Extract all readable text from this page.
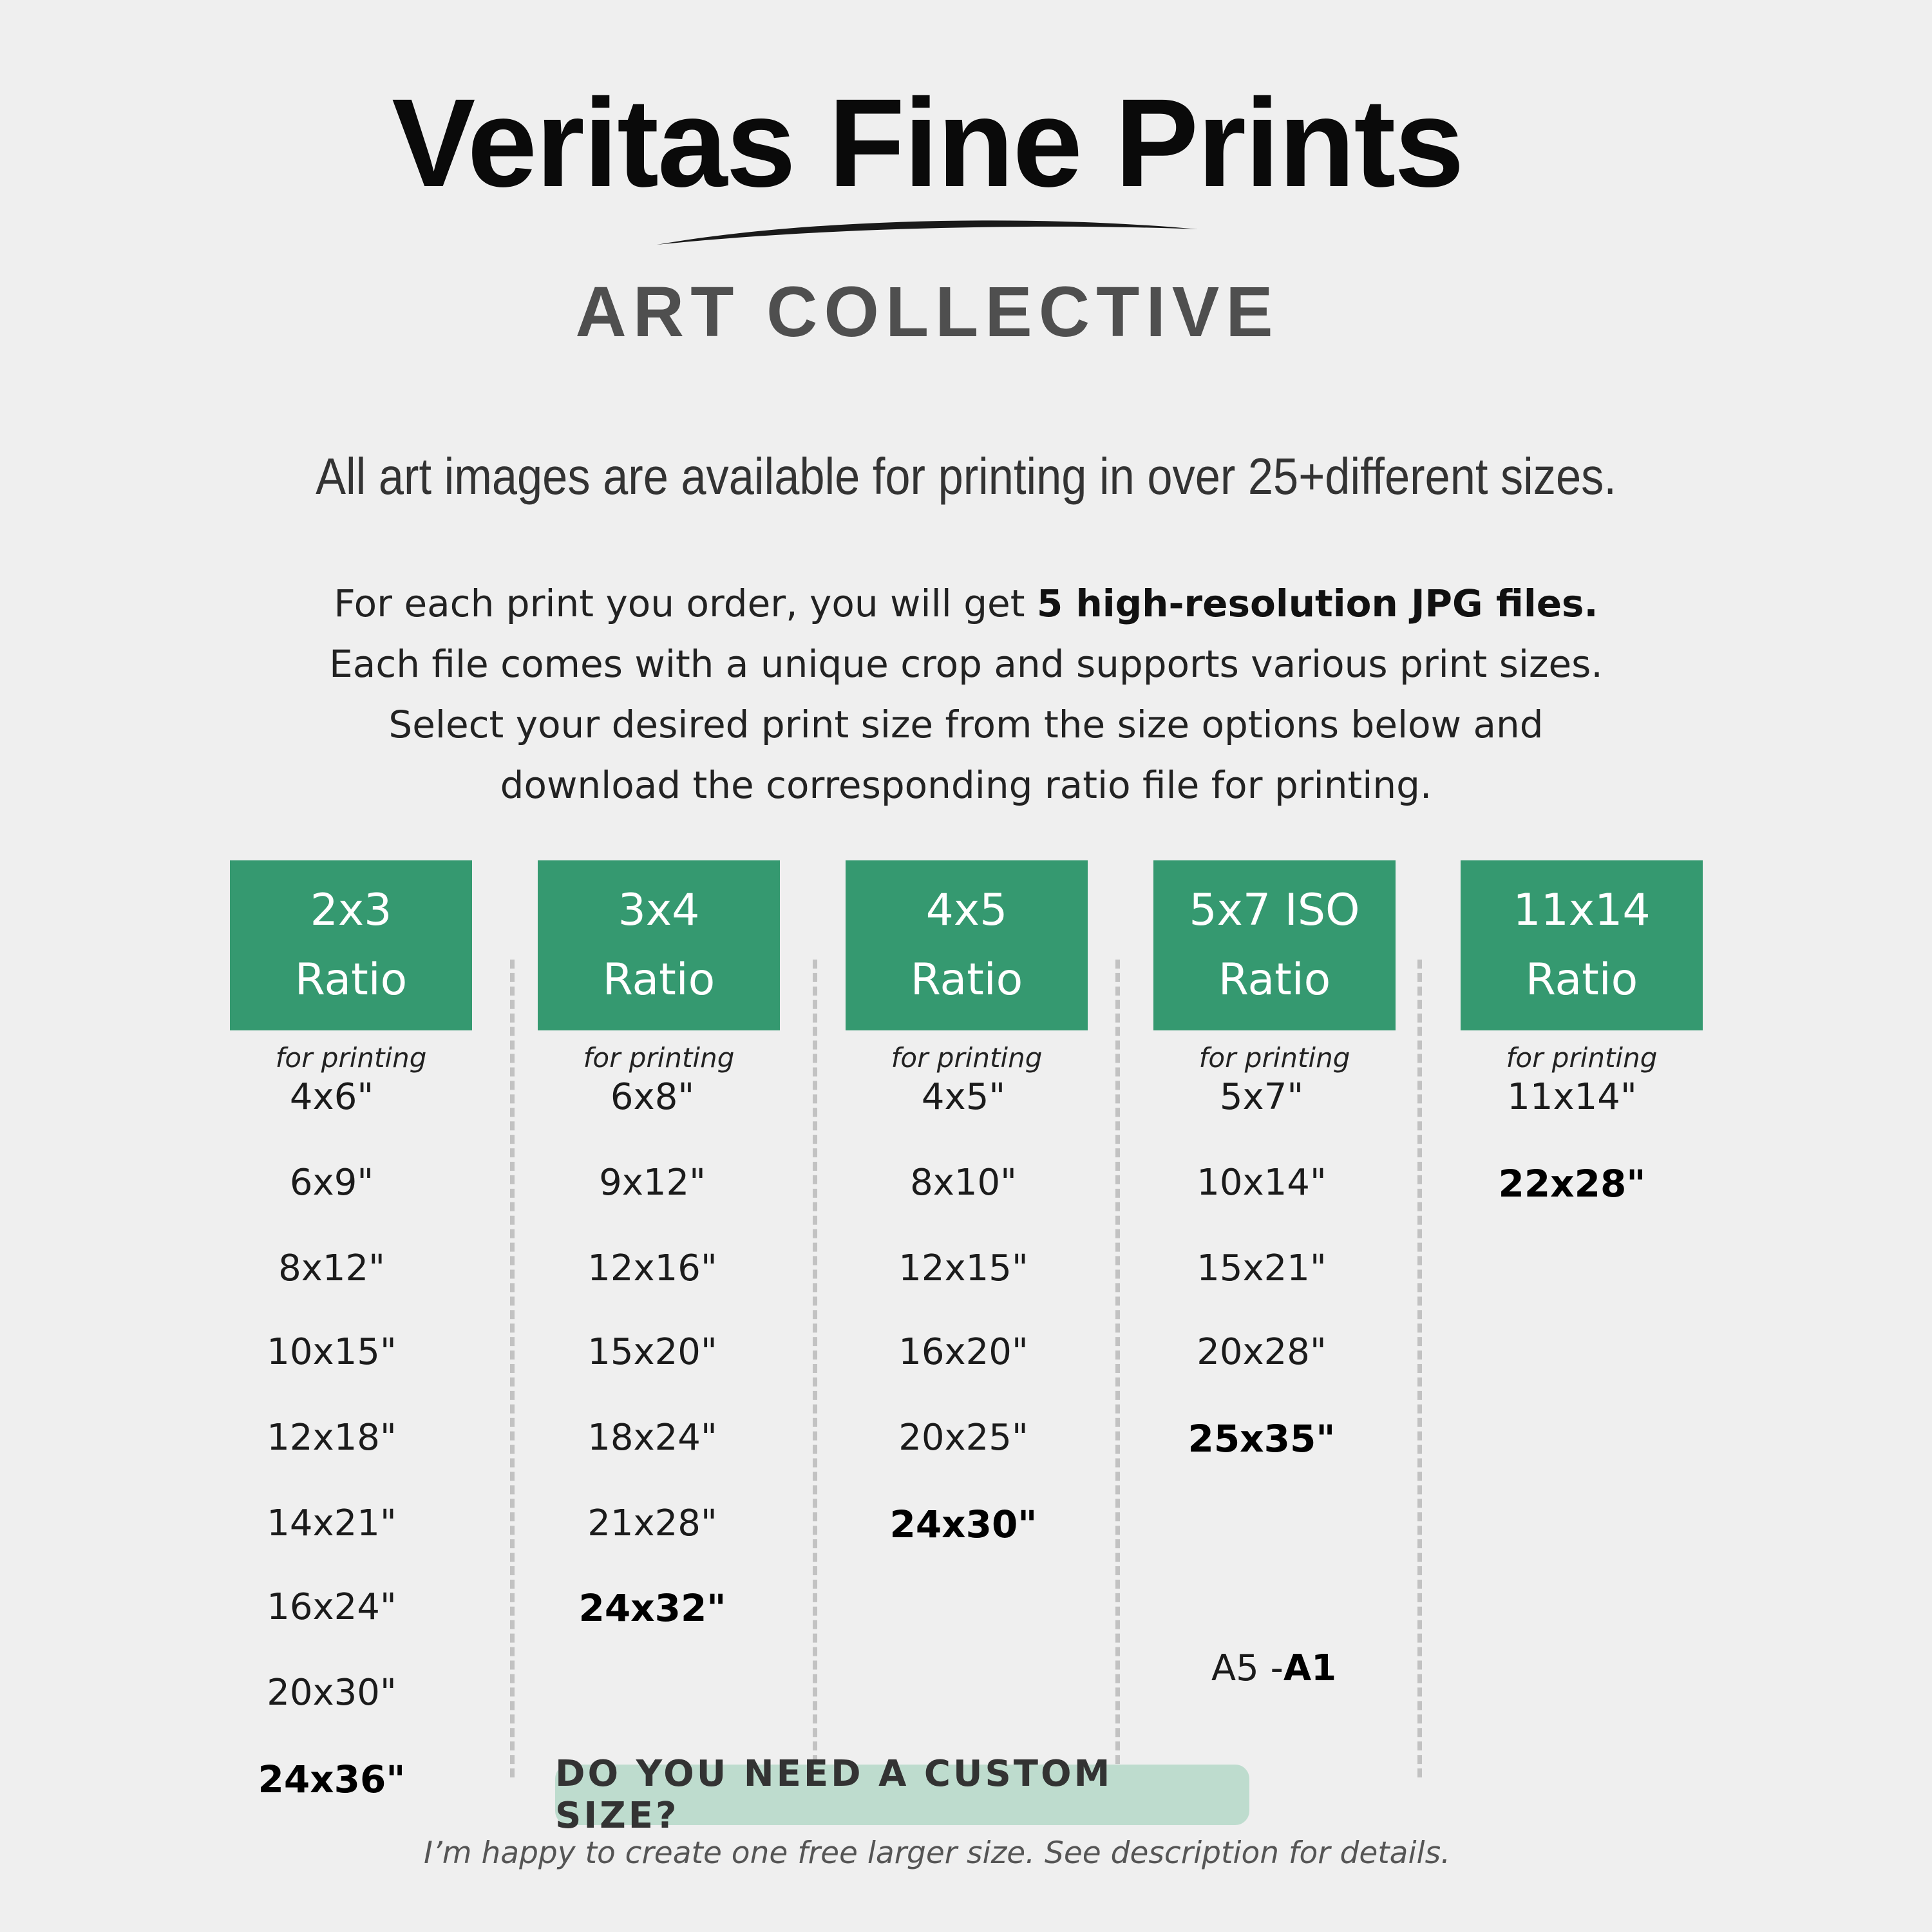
Veritas Fine Prints
ART COLLECTIVE
All art images are available for printing in over 25+different sizes.

For each print you order, you will get 5 high-resolution JPG files.

Each file comes with a unique crop and supports various print sizes.

Select your desired print size from the size options below and

download the corresponding ratio file for printing.

2x3
Ratio
for printing
4x6"
6x9"
8x12"
10x15"
12x18"
14x21"
16x24"
20x30"
24x36"
3x4
Ratio
for printing
6x8"
9x12"
12x16"
15x20"
18x24"
21x28"
24x32"
4x5
Ratio
for printing
4x5"
8x10"
12x15"
16x20"
20x25"
24x30"
5x7 ISO
Ratio
for printing
5x7"
10x14"
15x21"
20x28"
25x35"
A5 -A1
11x14
Ratio
for printing
11x14"
22x28"
DO YOU NEED A CUSTOM SIZE?
I’m happy to create one free larger size. See description for details.
